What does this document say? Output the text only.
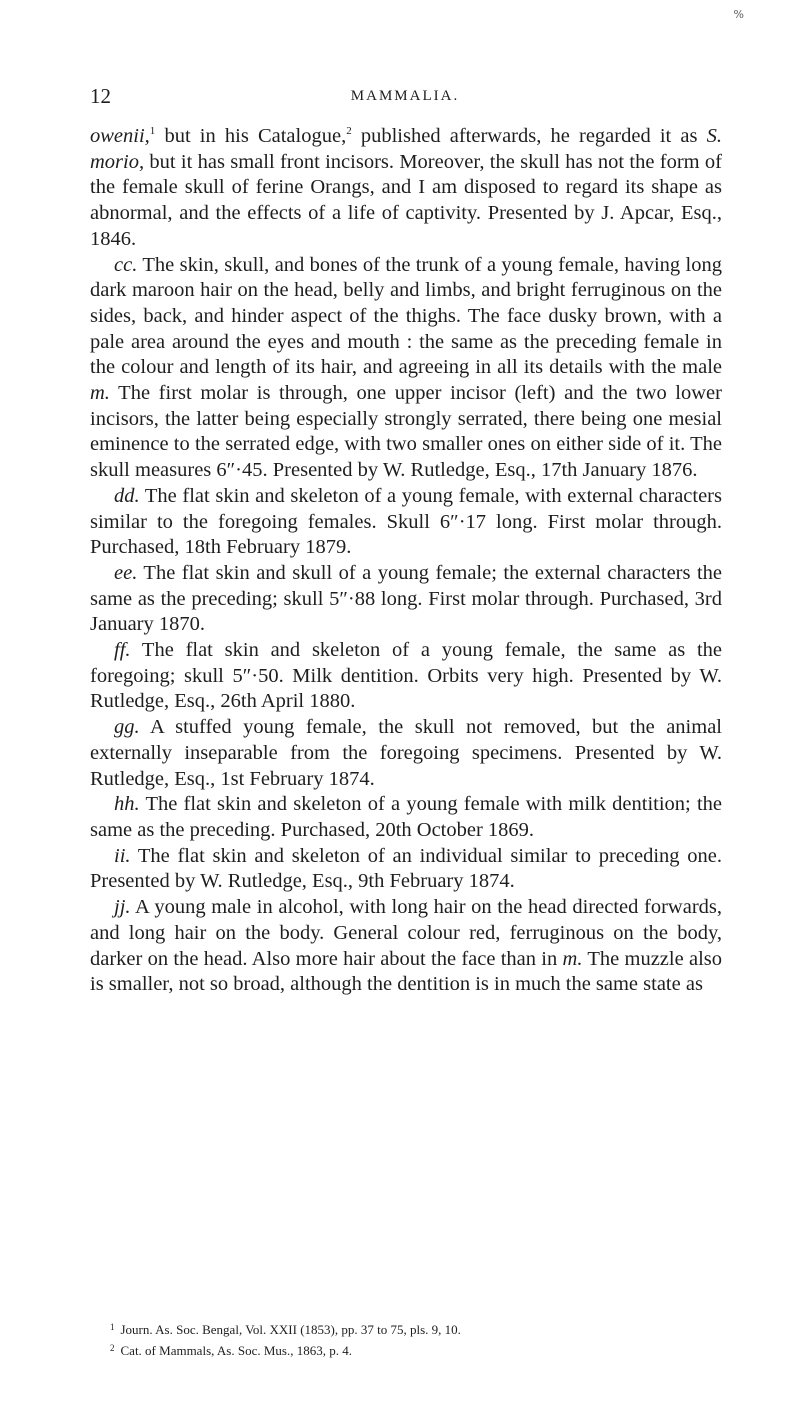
%
12	MAMMALIA.

owenii,$^1$ but in his Catalogue,$^2$ published afterwards, he regarded it as S. morio, but it has small front incisors. Moreover, the skull has not the form of the female skull of ferine Orangs, and I am disposed to regard its shape as abnormal, and the effects of a life of captivity. Presented by J. Apcar, Esq., 1846.

cc. The skin, skull, and bones of the trunk of a young female, having long dark maroon hair on the head, belly and limbs, and bright ferruginous on the sides, back, and hinder aspect of the thighs. The face dusky brown, with a pale area around the eyes and mouth : the same as the preceding female in the colour and length of its hair, and agreeing in all its details with the male m. The first molar is through, one upper incisor (left) and the two lower incisors, the latter being especially strongly serrated, there being one mesial eminence to the serrated edge, with two smaller ones on either side of it. The skull measures 6″·45. Presented by W. Rutledge, Esq., 17th January 1876.

dd. The flat skin and skeleton of a young female, with external characters similar to the foregoing females. Skull 6″·17 long. First molar through. Purchased, 18th February 1879.

ee. The flat skin and skull of a young female; the external characters the same as the preceding; skull 5″·88 long. First molar through. Purchased, 3rd January 1870.

ff. The flat skin and skeleton of a young female, the same as the foregoing; skull 5″·50. Milk dentition. Orbits very high. Presented by W. Rutledge, Esq., 26th April 1880.

gg. A stuffed young female, the skull not removed, but the animal externally inseparable from the foregoing specimens. Presented by W. Rutledge, Esq., 1st February 1874.

hh. The flat skin and skeleton of a young female with milk dentition; the same as the preceding. Purchased, 20th October 1869.

ii. The flat skin and skeleton of an individual similar to preceding one. Presented by W. Rutledge, Esq., 9th February 1874.

jj. A young male in alcohol, with long hair on the head directed forwards, and long hair on the body. General colour red, ferruginous on the body, darker on the head. Also more hair about the face than in m. The muzzle also is smaller, not so broad, although the dentition is in much the same state as

$^1$ Journ. As. Soc. Bengal, Vol. XXII (1853), pp. 37 to 75, pls. 9, 10.

$^2$ Cat. of Mammals, As. Soc. Mus., 1863, p. 4.
